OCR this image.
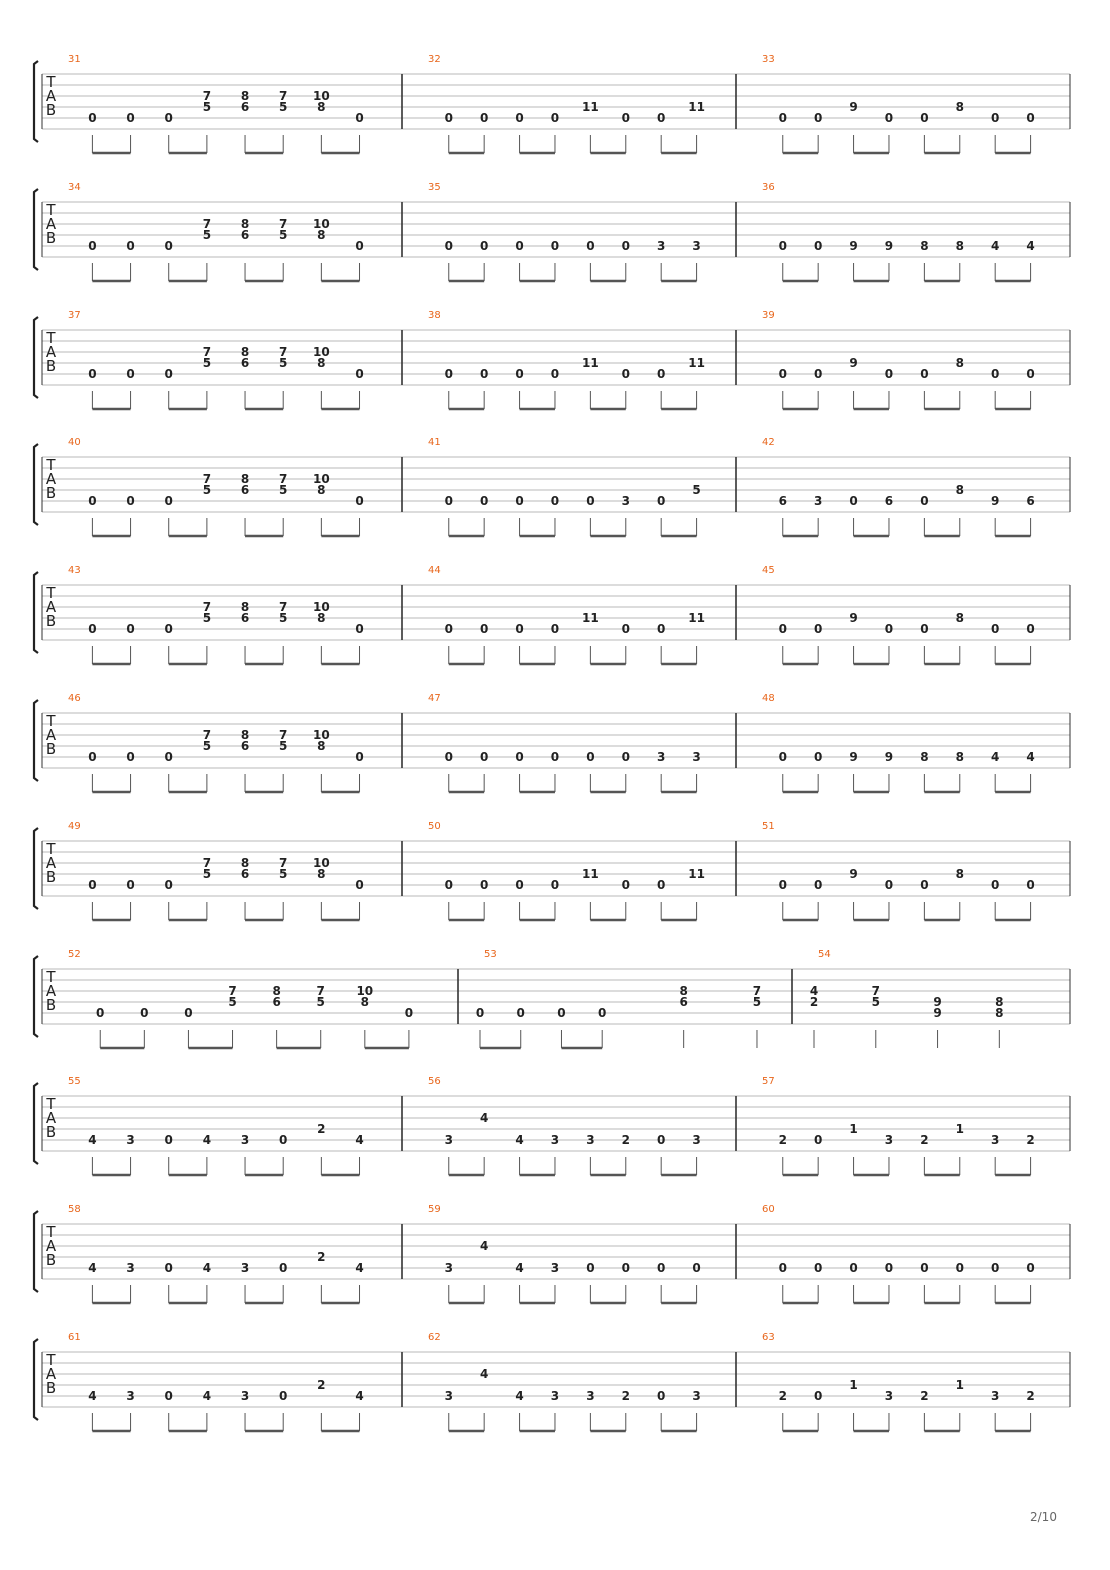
T
A
B
31
0 0 0
7
5
8
6
7
5
10
8
0
32
0 0 0 0
11
0 0
11
33
0 0
9
0 0
8
0 0
T
A
B
34
0 0 0
7
5
8
6
7
5
10
8
0
35
0 0 0 0 0 0 3 3
36
0 0 9 9 8 8 4 4
T
A
B
37
0 0 0
7
5
8
6
7
5
10
8
0
38
0 0 0 0
11
0 0
11
39
0 0
9
0 0
8
0 0
T
A
B
40
0 0 0
7
5
8
6
7
5
10
8
0
41
0 0 0 0 0 3 0
5
42
6 3 0 6 0
8
9 6
T
A
B
43
0 0 0
7
5
8
6
7
5
10
8
0
44
0 0 0 0
11
0 0
11
45
0 0
9
0 0
8
0 0
T
A
B
46
0 0 0
7
5
8
6
7
5
10
8
0
47
0 0 0 0 0 0 3 3
48
0 0 9 9 8 8 4 4
T
A
B
49
0 0 0
7
5
8
6
7
5
10
8
0
50
0 0 0 0
11
0 0
11
51
0 0
9
0 0
8
0 0
T
A
B
52
0	0	0
7
5
8
6
7
5
10
8
0
53
0	0	0	0
8
6
7
5
54
4
2
7
5	9
9
8
8
T
A
B
55
4 3 0 4 3 0
2
4
56
3
4
4 3 3 2 0 3
57
2 0
1
3 2
1
3 2
T
A
B
58
4 3 0 4 3 0
2
4
59
3
4
4 3 0 0 0 0
60
0 0 0 0 0 0 0 0
T
A
B
61
4 3 0 4 3 0
2
4
62
3
4
4 3 3 2 0 3
63
2 0
1
3 2
1
3 2
2/10
